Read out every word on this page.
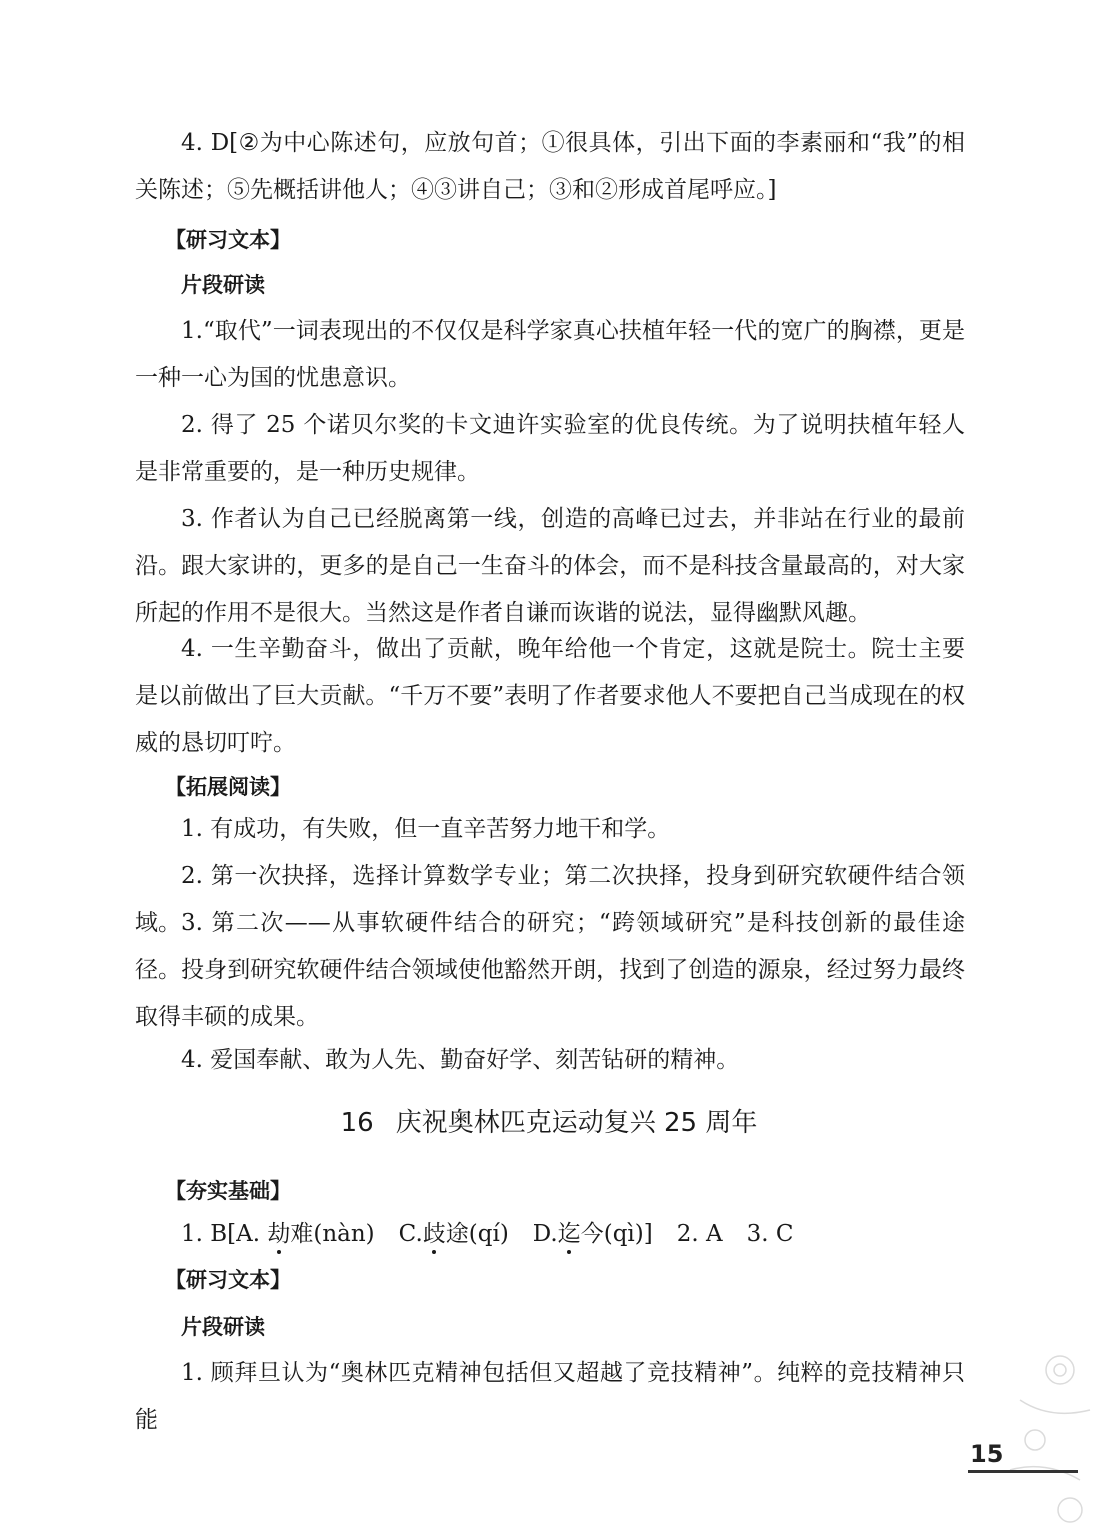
4. D[②为中心陈述句，应放句首；①很具体，引出下面的李素丽和“我”的相关陈述；⑤先概括讲他人；④③讲自己；③和②形成首尾呼应。]

【研习文本】

片段研读

1.“取代”一词表现出的不仅仅是科学家真心扶植年轻一代的宽广的胸襟，更是一种一心为国的忧患意识。

2. 得了 25 个诺贝尔奖的卡文迪许实验室的优良传统。为了说明扶植年轻人是非常重要的，是一种历史规律。

3. 作者认为自己已经脱离第一线，创造的高峰已过去，并非站在行业的最前沿。跟大家讲的，更多的是自己一生奋斗的体会，而不是科技含量最高的，对大家所起的作用不是很大。当然这是作者自谦而诙谐的说法，显得幽默风趣。

4. 一生辛勤奋斗，做出了贡献，晚年给他一个肯定，这就是院士。院士主要是以前做出了巨大贡献。“千万不要”表明了作者要求他人不要把自己当成现在的权威的恳切叮咛。

【拓展阅读】

1. 有成功，有失败，但一直辛苦努力地干和学。

2. 第一次抉择，选择计算数学专业；第二次抉择，投身到研究软硬件结合领域。 3. 第二次——从事软硬件结合的研究；“跨领域研究”是科技创新的最佳途径。投身到研究软硬件结合领域使他豁然开朗，找到了创造的源泉，经过努力最终取得丰硕的成果。

4. 爱国奉献、敢为人先、勤奋好学、刻苦钻研的精神。

16 庆祝奥林匹克运动复兴 25 周年

【夯实基础】

1. B[A. 劫难(nàn) C.歧途(qí) D.迄今(qì)] 2. A 3. C

【研习文本】

片段研读

1. 顾拜旦认为“奥林匹克精神包括但又超越了竞技精神”。纯粹的竞技精神只能

15
